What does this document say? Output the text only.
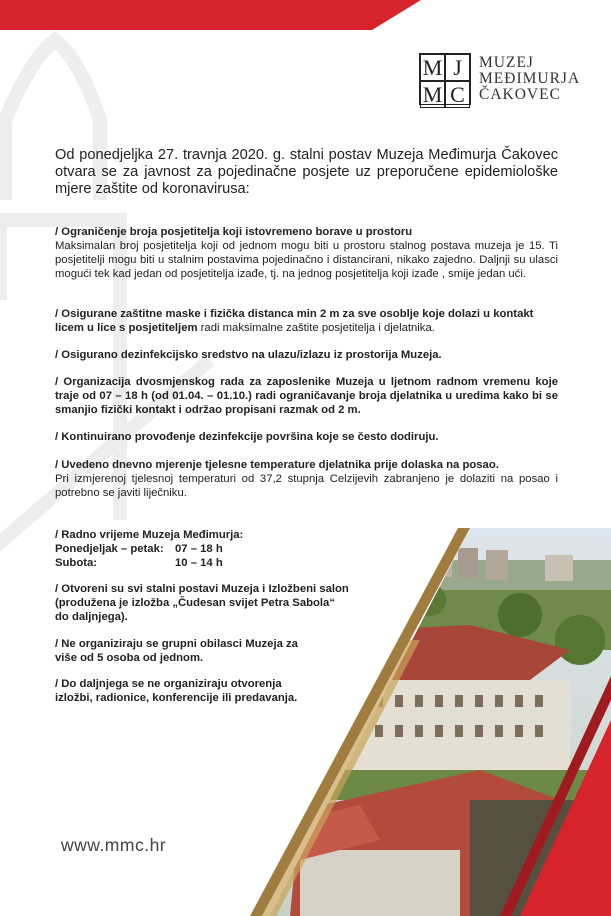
M J
M C
MUZEJ
MEĐIMURJA
ČAKOVEC
Od ponedjeljka 27. travnja 2020. g. stalni postav Muzeja Međimurja Čakovec otvara se za javnost za pojedinačne posjete uz preporučene epidemiološke mjere zaštite od koronavirusa:
/ Ograničenje broja posjetitelja koji istovremeno borave u prostoru
Maksimalan broj posjetitelja koji od jednom mogu biti u prostoru stalnog postava muzeja je 15. Ti posjetitelji mogu biti u stalnim postavima pojedinačno i distancirani, nikako zajedno. Daljnji su ulasci mogući tek kad jedan od posjetitelja izađe, tj. na jednog posjetitelja koji izađe , smije jedan ući.
/ Osigurane zaštitne maske i fizička distanca min 2 m za sve osoblje koje dolazi u kontakt licem u lice s posjetiteljem radi maksimalne zaštite posjetitelja i djelatnika.
/ Osigurano dezinfekcijsko sredstvo na ulazu/izlazu iz prostorija Muzeja.
/ Organizacija dvosmjenskog rada za zaposlenike Muzeja u ljetnom radnom vremenu koje traje od 07 – 18 h (od 01.04. – 01.10.) radi ograničavanje broja djelatnika u uredima kako bi se smanjio fizički kontakt i održao propisani razmak od 2 m.
/ Kontinuirano provođenje dezinfekcije površina koje se često dodiruju.
/ Uvedeno dnevno mjerenje tjelesne temperature djelatnika prije dolaska na posao.
Pri izmjerenoj tjelesnoj temperaturi od 37,2 stupnja Celzijevih zabranjeno je dolaziti na posao i potrebno se javiti liječniku.
/ Radno vrijeme Muzeja Međimurja:
Ponedjeljak – petak:	07 – 18 h
Subota:	10 – 14 h
/ Otvoreni su svi stalni postavi Muzeja i Izložbeni salon (produžena je izložba „Čudesan svijet Petra Sabola“ do daljnjega).
/ Ne organiziraju se grupni obilasci Muzeja za više od 5 osoba od jednom.
/ Do daljnjega se ne organiziraju otvorenja izložbi, radionice, konferencije ili predavanja.
www.mmc.hr
